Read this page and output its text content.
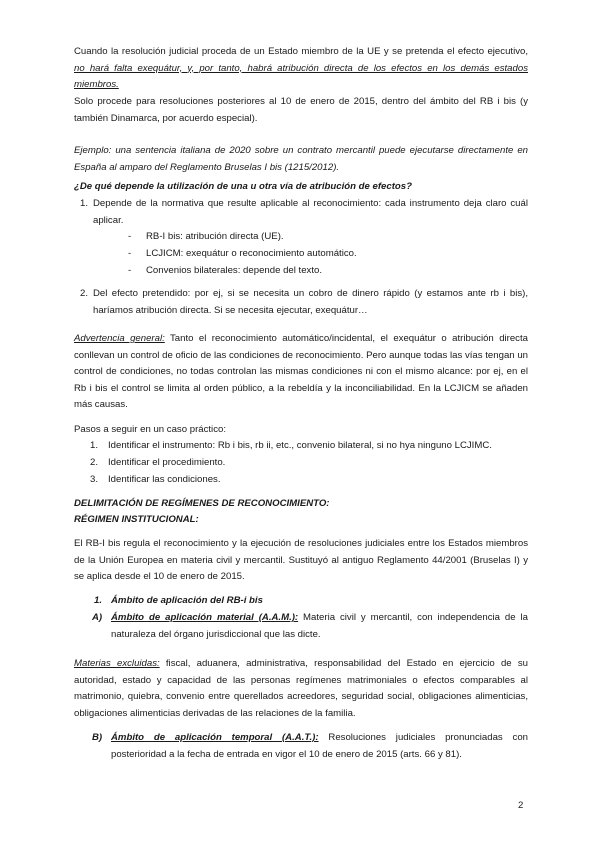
Cuando la resolución judicial proceda de un Estado miembro de la UE y se pretenda el efecto ejecutivo, no hará falta exequátur, y, por tanto, habrá atribución directa de los efectos en los demás estados miembros.

Solo procede para resoluciones posteriores al 10 de enero de 2015, dentro del ámbito del RB i bis (y también Dinamarca, por acuerdo especial).

Ejemplo: una sentencia italiana de 2020 sobre un contrato mercantil puede ejecutarse directamente en España al amparo del Reglamento Bruselas I bis (1215/2012).

¿De qué depende la utilización de una u otra vía de atribución de efectos?

1. Depende de la normativa que resulte aplicable al reconocimiento: cada instrumento deja claro cuál aplicar.

- RB-I bis: atribución directa (UE).

- LCJICM: exequátur o reconocimiento automático.

- Convenios bilaterales: depende del texto.

2. Del efecto pretendido: por ej, si se necesita un cobro de dinero rápido (y estamos ante rb i bis), haríamos atribución directa. Si se necesita ejecutar, exequátur…

Advertencia general: Tanto el reconocimiento automático/incidental, el exequátur o atribución directa conllevan un control de oficio de las condiciones de reconocimiento. Pero aunque todas las vías tengan un control de condiciones, no todas controlan las mismas condiciones ni con el mismo alcance: por ej, en el Rb i bis el control se limita al orden público, a la rebeldía y la inconciliabilidad. En la LCJICM se añaden más causas.

Pasos a seguir en un caso práctico:

1. Identificar el instrumento: Rb i bis, rb ii, etc., convenio bilateral, si no hya ninguno LCJIMC.

2. Identificar el procedimiento.

3. Identificar las condiciones.

DELIMITACIÓN DE REGÍMENES DE RECONOCIMIENTO:

RÉGIMEN INSTITUCIONAL:

El RB-I bis regula el reconocimiento y la ejecución de resoluciones judiciales entre los Estados miembros de la Unión Europea en materia civil y mercantil. Sustituyó al antiguo Reglamento 44/2001 (Bruselas I) y se aplica desde el 10 de enero de 2015.

1. Ámbito de aplicación del RB-i bis

A) Ámbito de aplicación material (A.A.M.): Materia civil y mercantil, con independencia de la naturaleza del órgano jurisdiccional que las dicte.

Materias excluidas: fiscal, aduanera, administrativa, responsabilidad del Estado en ejercicio de su autoridad, estado y capacidad de las personas regímenes matrimoniales o efectos comparables al matrimonio, quiebra, convenio entre querellados acreedores, seguridad social, obligaciones alimenticias, obligaciones alimenticias derivadas de las relaciones de la familia.

B) Ámbito de aplicación temporal (A.A.T.): Resoluciones judiciales pronunciadas con posterioridad a la fecha de entrada en vigor el 10 de enero de 2015 (arts. 66 y 81).

2
